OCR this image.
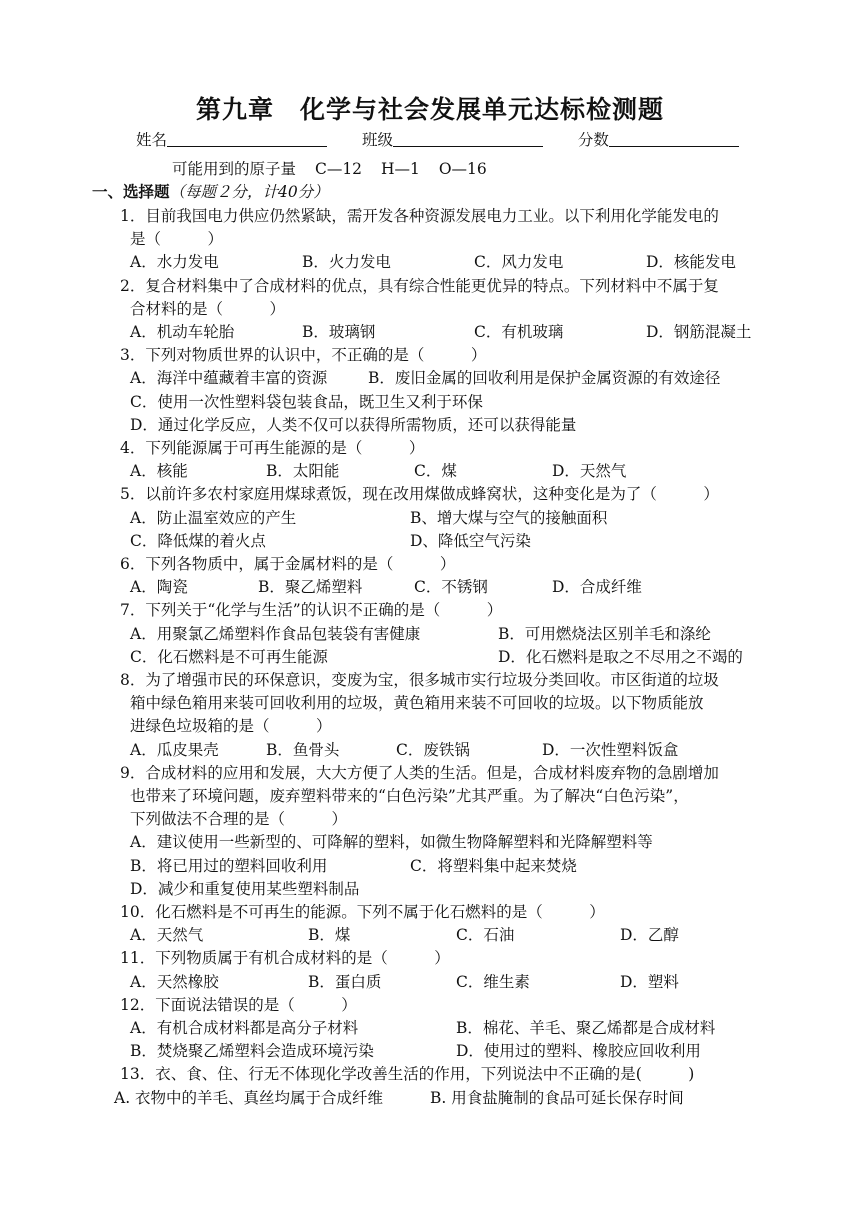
第九章　化学与社会发展单元达标检测题
姓名	班级	分数
可能用到的原子量 C—12 H—1 O—16
一、选择题（每题２分，计40分）
1．目前我国电力供应仍然紧缺，需开发各种资源发展电力工业。以下利用化学能发电的
是（　　　）
A．水力发电	B．火力发电	C．风力发电	D．核能发电
2．复合材料集中了合成材料的优点，具有综合性能更优异的特点。下列材料中不属于复
合材料的是（　　　）
A．机动车轮胎	B．玻璃钢	C．有机玻璃	D．钢筋混凝土
3．下列对物质世界的认识中，不正确的是（　　　）
A．海洋中蕴藏着丰富的资源	B．废旧金属的回收利用是保护金属资源的有效途径
C．使用一次性塑料袋包装食品，既卫生又利于环保
D．通过化学反应，人类不仅可以获得所需物质，还可以获得能量
4．下列能源属于可再生能源的是（　　　）
A．核能	B．太阳能	C．煤	D．天然气
5．以前许多农村家庭用煤球煮饭，现在改用煤做成蜂窝状，这种变化是为了（　　　）
A．防止温室效应的产生	B、增大煤与空气的接触面积
C．降低煤的着火点	D、降低空气污染
6．下列各物质中，属于金属材料的是（　　　）
A．陶瓷	B．聚乙烯塑料	C．不锈钢	D．合成纤维
7．下列关于“化学与生活”的认识不正确的是（　　　）
A．用聚氯乙烯塑料作食品包装袋有害健康	B．可用燃烧法区别羊毛和涤纶
C．化石燃料是不可再生能源	D．化石燃料是取之不尽用之不竭的
8．为了增强市民的环保意识，变废为宝，很多城市实行垃圾分类回收。市区街道的垃圾
箱中绿色箱用来装可回收利用的垃圾，黄色箱用来装不可回收的垃圾。以下物质能放
进绿色垃圾箱的是（　　　）
A．瓜皮果壳	B．鱼骨头	C．废铁锅	D．一次性塑料饭盒
9．合成材料的应用和发展，大大方便了人类的生活。但是，合成材料废弃物的急剧增加
也带来了环境问题，废弃塑料带来的“白色污染”尤其严重。为了解决“白色污染”，
下列做法不合理的是（　　　）
A．建议使用一些新型的、可降解的塑料，如微生物降解塑料和光降解塑料等
B．将已用过的塑料回收利用	C．将塑料集中起来焚烧
D．减少和重复使用某些塑料制品
10．化石燃料是不可再生的能源。下列不属于化石燃料的是（　　　）
A．天然气	B．煤	C．石油	D．乙醇
11．下列物质属于有机合成材料的是（　　　）
A．天然橡胶	B．蛋白质	C．维生素	D．塑料
12．下面说法错误的是（　　　）
A．有机合成材料都是高分子材料	B．棉花、羊毛、聚乙烯都是合成材料
B．焚烧聚乙烯塑料会造成环境污染	D．使用过的塑料、橡胶应回收利用
13．衣、食、住、行无不体现化学改善生活的作用，下列说法中不正确的是(　　　)
A. 衣物中的羊毛、真丝均属于合成纤维	B. 用食盐腌制的食品可延长保存时间
